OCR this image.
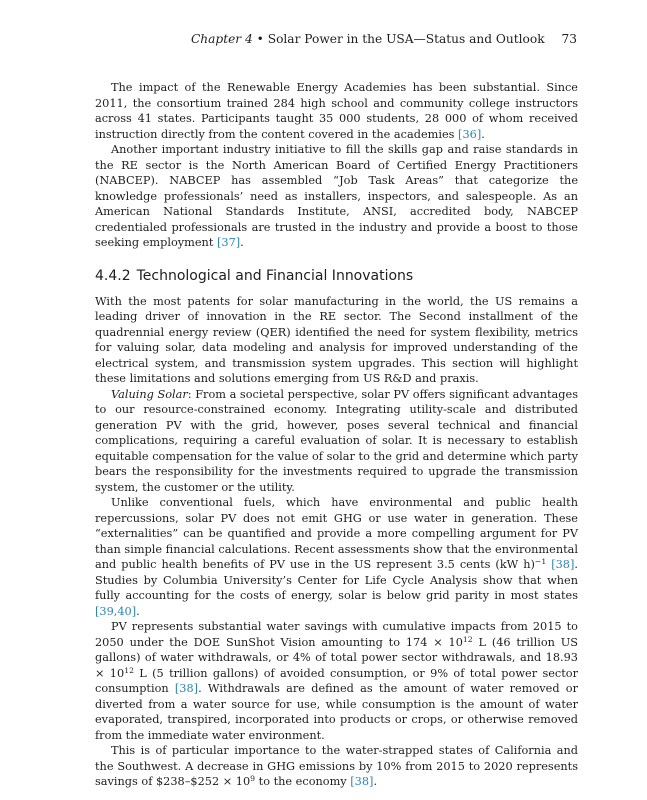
Chapter 4 • Solar Power in the USA—Status and Outlook 73

The impact of the Renewable Energy Academies has been substantial. Since 2011, the consortium trained 284 high school and community college instructors across 41 states. Participants taught 35 000 students, 28 000 of whom received instruction directly from the content covered in the academies [36].

Another important industry initiative to fill the skills gap and raise standards in the RE sector is the North American Board of Certified Energy Practitioners (NABCEP). NABCEP has assembled “Job Task Areas” that categorize the knowledge professionals’ need as installers, inspectors, and salespeople. As an American National Standards Institute, ANSI, accredited body, NABCEP credentialed professionals are trusted in the industry and provide a boost to those seeking employment [37].

4.4.2 Technological and Financial Innovations

With the most patents for solar manufacturing in the world, the US remains a leading driver of innovation in the RE sector. The Second installment of the quadrennial energy review (QER) identified the need for system flexibility, metrics for valuing solar, data modeling and analysis for improved understanding of the electrical system, and transmission system upgrades. This section will highlight these limitations and solutions emerging from US R&D and praxis.

Valuing Solar: From a societal perspective, solar PV offers significant advantages to our resource-constrained economy. Integrating utility-scale and distributed generation PV with the grid, however, poses several technical and financial complications, requiring a careful evaluation of solar. It is necessary to establish equitable compensation for the value of solar to the grid and determine which party bears the responsibility for the investments required to upgrade the transmission system, the customer or the utility.

Unlike conventional fuels, which have environmental and public health repercussions, solar PV does not emit GHG or use water in generation. These “externalities” can be quantified and provide a more compelling argument for PV than simple financial calculations. Recent assessments show that the environmental and public health benefits of PV use in the US represent 3.5 cents (kW h)$^{-1}$ [38]. Studies by Columbia University’s Center for Life Cycle Analysis show that when fully accounting for the costs of energy, solar is below grid parity in most states [39,40].

PV represents substantial water savings with cumulative impacts from 2015 to 2050 under the DOE SunShot Vision amounting to $174 \times 10^{12}$ L (46 trillion US gallons) of water withdrawals, or 4% of total power sector withdrawals, and $18.93 \times 10^{12}$ L (5 trillion gallons) of avoided consumption, or 9% of total power sector consumption [38]. Withdrawals are defined as the amount of water removed or diverted from a water source for use, while consumption is the amount of water evaporated, transpired, incorporated into products or crops, or otherwise removed from the immediate water environment.

This is of particular importance to the water-strapped states of California and the Southwest. A decrease in GHG emissions by 10% from 2015 to 2020 represents savings of $238–$252 × $10^9$ to the economy [38].
